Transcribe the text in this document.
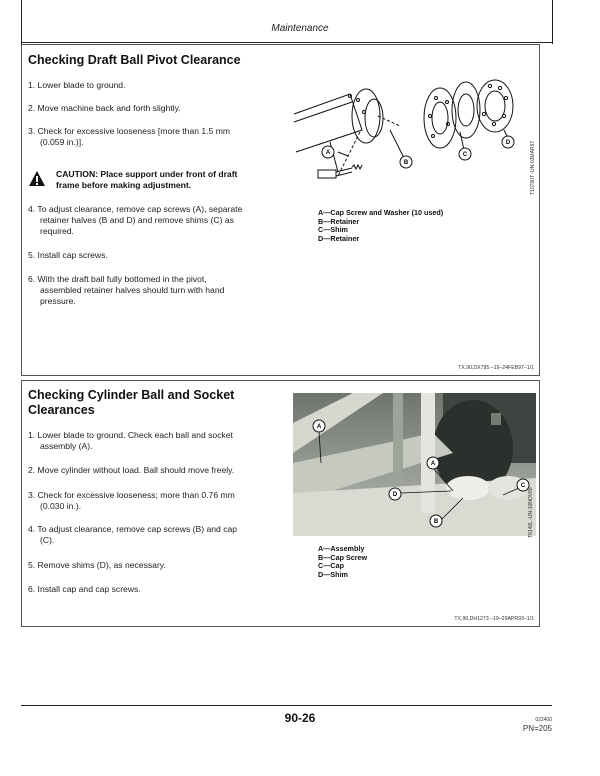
Maintenance
Checking Draft Ball Pivot Clearance
1. Lower blade to ground.
2. Move machine back and forth slightly.
3. Check for excessive looseness [more than 1.5 mm
(0.059 in.)].
CAUTION: Place support under front of draft
frame before making adjustment.
4. To adjust clearance, remove cap screws (A), separate
retainer halves (B and D) and remove shims (C) as
required.
5. Install cap screws.
6. With the draft ball fully bottomed in the pivot,
assembled retainer halves should turn with hand
pressure.
A
B
C
D	T10790T -UN-03MAR97
A—Cap Screw and Washer (10 used)
B—Retainer
C—Shim
D—Retainer
TX,90,DX795 –19–24FEB97–1/1
Checking Cylinder Ball and Socket
Clearances
1. Lower blade to ground. Check each ball and socket
assembly (A).
2. Move cylinder without load. Ball should move freely.
3. Check for excessive looseness; more than 0.76 mm
(0.030 in.).
4. To adjust clearance, remove cap screws (B) and cap
(C).
5. Remove shims (D), as necessary.
6. Install cap and cap screws.
A
A
D
C
B	T8146L -UN-10NOV88
A—Assembly
B—Cap Screw
C—Cap
D—Shim
TX,90,DH1273 –19–29APR93–1/1
90-26	022400
PN=205
